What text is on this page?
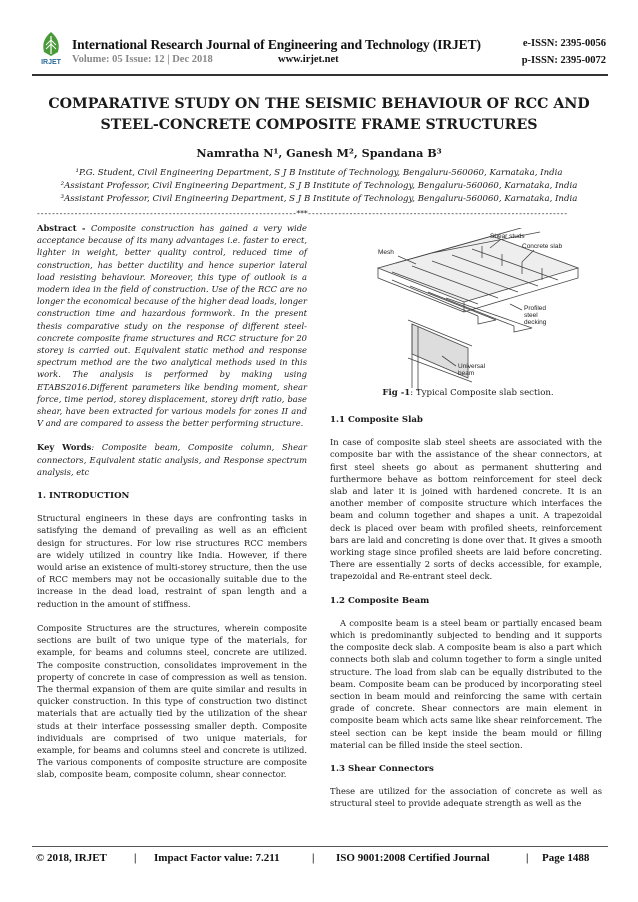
IRJET
International Research Journal of Engineering and Technology (IRJET)
Volume: 05 Issue: 12 | Dec 2018	www.irjet.net
e-ISSN: 2395-0056
p-ISSN: 2395-0072
COMPARATIVE STUDY ON THE SEISMIC BEHAVIOUR OF RCC AND STEEL-CONCRETE COMPOSITE FRAME STRUCTURES
Namratha N¹, Ganesh M², Spandana B³
¹P.G. Student, Civil Engineering Department, S J B Institute of Technology, Bengaluru-560060, Karnataka, India
²Assistant Professor, Civil Engineering Department, S J B Institute of Technology, Bengaluru-560060, Karnataka, India
³Assistant Professor, Civil Engineering Department, S J B Institute of Technology, Bengaluru-560060, Karnataka, India
---------------------------------------------------------------------***---------------------------------------------------------------------

Abstract - Composite construction has gained a very wide acceptance because of its many advantages i.e. faster to erect, lighter in weight, better quality control, reduced time of construction, has better ductility and hence superior lateral load resisting behaviour. Moreover, this type of outlook is a modern idea in the field of construction. Use of the RCC are no longer the economical because of the higher dead loads, longer construction time and hazardous formwork. In the present thesis comparative study on the response of different steel-concrete composite frame structures and RCC structure for 20 storey is carried out. Equivalent static method and response spectrum method are the two analytical methods used in this work. The analysis is performed by making using ETABS2016.Different parameters like bending moment, shear force, time period, storey displacement, storey drift ratio, base shear, have been extracted for various models for zones II and V and are compared to assess the better performing structure.

Key Words: Composite beam, Composite column, Shear connectors, Equivalent static analysis, and Response spectrum analysis, etc

1. INTRODUCTION

Structural engineers in these days are confronting tasks in satisfying the demand of prevailing as well as an efficient design for structures. For low rise structures RCC members are widely utilized in country like India. However, if there would arise an existence of multi-storey structure, then the use of RCC members may not be occasionally suitable due to the increase in the dead load, restraint of span length and a reduction in the amount of stiffness.

Composite Structures are the structures, wherein composite sections are built of two unique type of the materials, for example, for beams and columns steel, concrete are utilized. The composite construction, consolidates improvement in the property of concrete in case of compression as well as tension. The thermal expansion of them are quite similar and results in quicker construction. In this type of construction two distinct materials that are actually tied by the utilization of the shear studs at their interface possessing smaller depth. Composite individuals are comprised of two unique materials, for example, for beams and columns steel and concrete is utilized. The various components of composite structure are composite slab, composite beam, composite column, shear connector.

Mesh
Shear studs
Concrete slab
Profiled
steel
decking
Universal
beam
Fig -1: Typical Composite slab section.
1.1 Composite Slab

In case of composite slab steel sheets are associated with the composite bar with the assistance of the shear connectors, at first steel sheets go about as permanent shuttering and furthermore behave as bottom reinforcement for steel deck slab and later it is joined with hardened concrete. It is an another member of composite structure which interfaces the beam and column together and shapes a unit. A trapezoidal deck is placed over beam with profiled sheets, reinforcement bars are laid and concreting is done over that. It gives a smooth working stage since profiled sheets are laid before concreting. There are essentially 2 sorts of decks accessible, for example, trapezoidal and Re-entrant steel deck.

1.2 Composite Beam

A composite beam is a steel beam or partially encased beam which is predominantly subjected to bending and it supports the composite deck slab. A composite beam is also a part which connects both slab and column together to form a single united structure. The load from slab can be equally distributed to the beam. Composite beam can be produced by incorporating steel section in beam mould and reinforcing the same with certain grade of concrete. Shear connectors are main element in composite beam which acts same like shear reinforcement. The steel section can be kept inside the beam mould or filling material can be filled inside the steel section.

1.3 Shear Connectors

These are utilized for the association of concrete as well as structural steel to provide adequate strength as well as the

© 2018, IRJET | Impact Factor value: 7.211	| ISO 9001:2008 Certified Journal	| Page 1488
